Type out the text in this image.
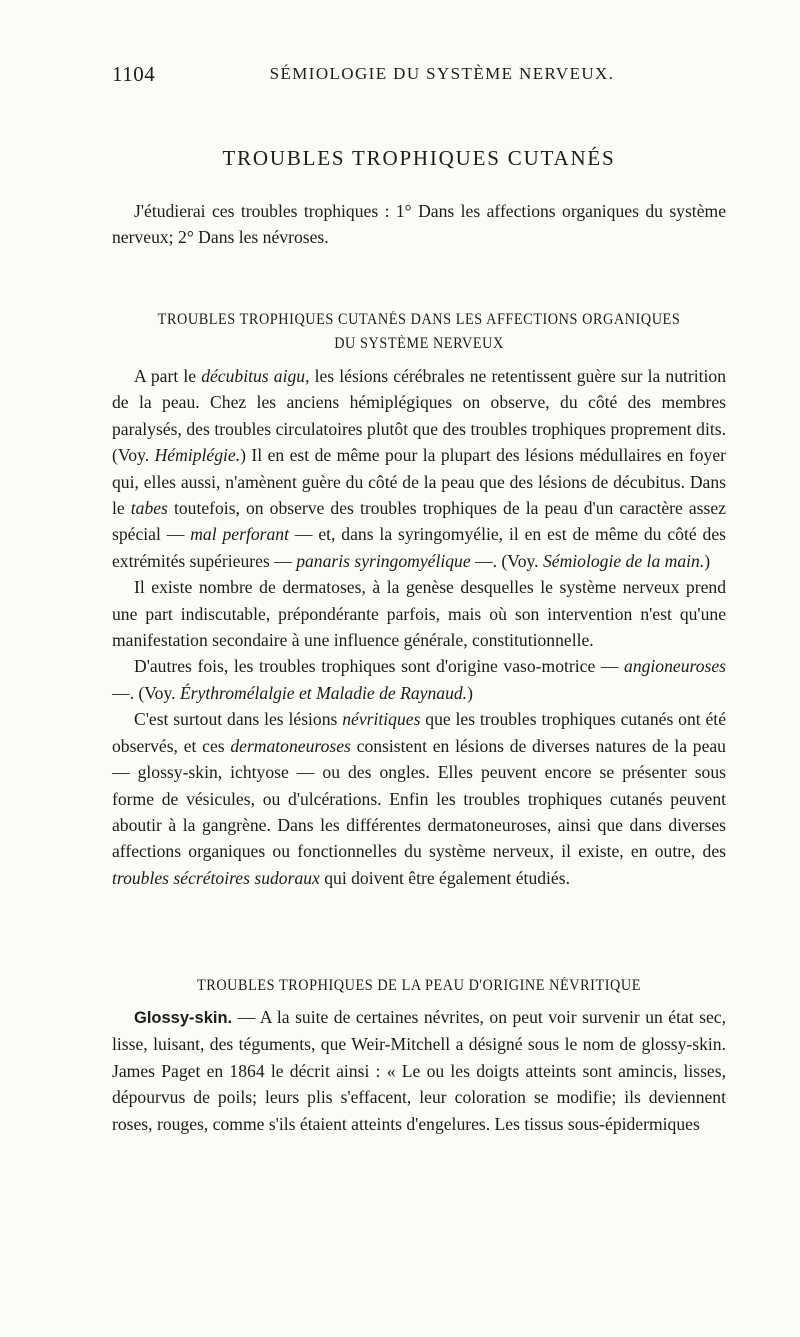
1104	SÉMIOLOGIE DU SYSTÈME NERVEUX.
TROUBLES TROPHIQUES CUTANÉS

J'étudierai ces troubles trophiques : 1° Dans les affections organiques du système nerveux; 2° Dans les névroses.

TROUBLES TROPHIQUES CUTANÉS DANS LES AFFECTIONS ORGANIQUES
DU SYSTÈME NERVEUX

A part le décubitus aigu, les lésions cérébrales ne retentissent guère sur la nutrition de la peau. Chez les anciens hémiplégiques on observe, du côté des membres paralysés, des troubles circulatoires plutôt que des troubles trophiques proprement dits. (Voy. Hémiplégie.) Il en est de même pour la plupart des lésions médullaires en foyer qui, elles aussi, n'amènent guère du côté de la peau que des lésions de décubitus. Dans le tabes toutefois, on observe des troubles trophiques de la peau d'un caractère assez spécial — mal perforant — et, dans la syringomyélie, il en est de même du côté des extrémités supérieures — panaris syringomyélique —. (Voy. Sémiologie de la main.)

Il existe nombre de dermatoses, à la genèse desquelles le système nerveux prend une part indiscutable, prépondérante parfois, mais où son intervention n'est qu'une manifestation secondaire à une influence générale, constitutionnelle.

D'autres fois, les troubles trophiques sont d'origine vaso-motrice — angioneuroses —. (Voy. Érythromélalgie et Maladie de Raynaud.)

C'est surtout dans les lésions névritiques que les troubles trophiques cutanés ont été observés, et ces dermatoneuroses consistent en lésions de diverses natures de la peau — glossy-skin, ichtyose — ou des ongles. Elles peuvent encore se présenter sous forme de vésicules, ou d'ulcérations. Enfin les troubles trophiques cutanés peuvent aboutir à la gangrène. Dans les différentes dermatoneuroses, ainsi que dans diverses affections organiques ou fonctionnelles du système nerveux, il existe, en outre, des troubles sécrétoires sudoraux qui doivent être également étudiés.

TROUBLES TROPHIQUES DE LA PEAU D'ORIGINE NÉVRITIQUE

Glossy-skin. — A la suite de certaines névrites, on peut voir survenir un état sec, lisse, luisant, des téguments, que Weir-Mitchell a désigné sous le nom de glossy-skin. James Paget en 1864 le décrit ainsi : « Le ou les doigts atteints sont amincis, lisses, dépourvus de poils; leurs plis s'effacent, leur coloration se modifie; ils deviennent roses, rouges, comme s'ils étaient atteints d'engelures. Les tissus sous-épidermiques
